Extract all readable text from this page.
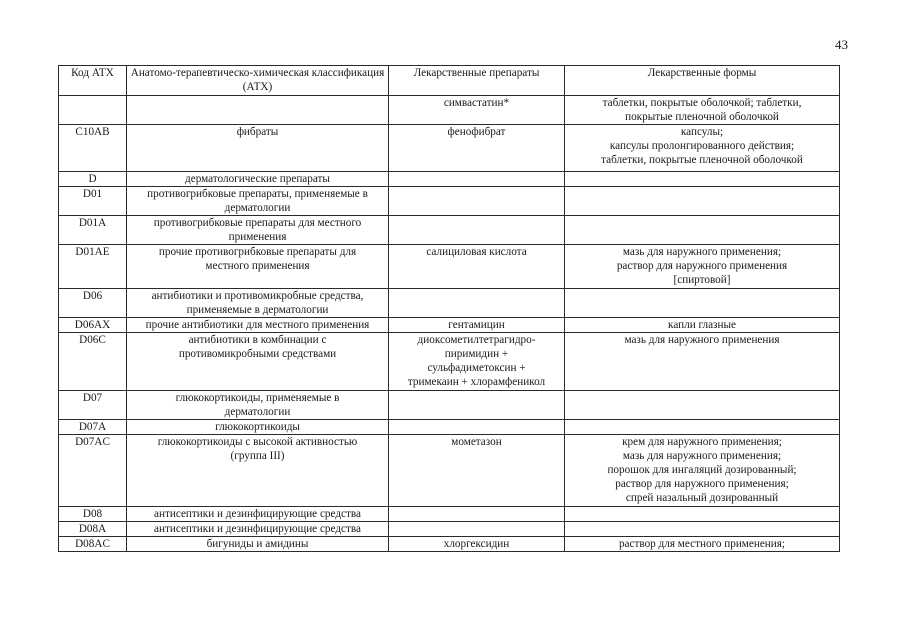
43
Код АТХ	Анатомо-терапевтическо-химическая классификация (АТХ)	Лекарственные препараты	Лекарственные формы
		симвастатин*	таблетки, покрытые оболочкой; таблетки,
покрытые пленочной оболочкой
C10AB	фибраты	фенофибрат	капсулы;
капсулы пролонгированного действия;
таблетки, покрытые пленочной оболочкой
D	дерматологические препараты		
D01	противогрибковые препараты, применяемые в
дерматологии		
D01A	противогрибковые препараты для местного
применения		
D01AE	прочие противогрибковые препараты для
местного применения	салициловая кислота	мазь для наружного применения;
раствор для наружного применения
[спиртовой]
D06	антибиотики и противомикробные средства,
применяемые в дерматологии		
D06AX	прочие антибиотики для местного применения	гентамицин	капли глазные
D06C	антибиотики в комбинации с
противомикробными средствами	диоксометилтетрагидро-
пиримидин +
сульфадиметоксин +
тримекаин + хлорамфеникол	мазь для наружного применения
D07	глюкокортикоиды, применяемые в
дерматологии		
D07A	глюкокортикоиды		
D07AC	глюкокортикоиды с высокой активностью
(группа III)	мометазон	крем для наружного применения;
мазь для наружного применения;
порошок для ингаляций дозированный;
раствор для наружного применения;
спрей назальный дозированный
D08	антисептики и дезинфицирующие средства		
D08A	антисептики и дезинфицирующие средства		
D08AC	бигуниды и амидины	хлоргексидин	раствор для местного применения;
